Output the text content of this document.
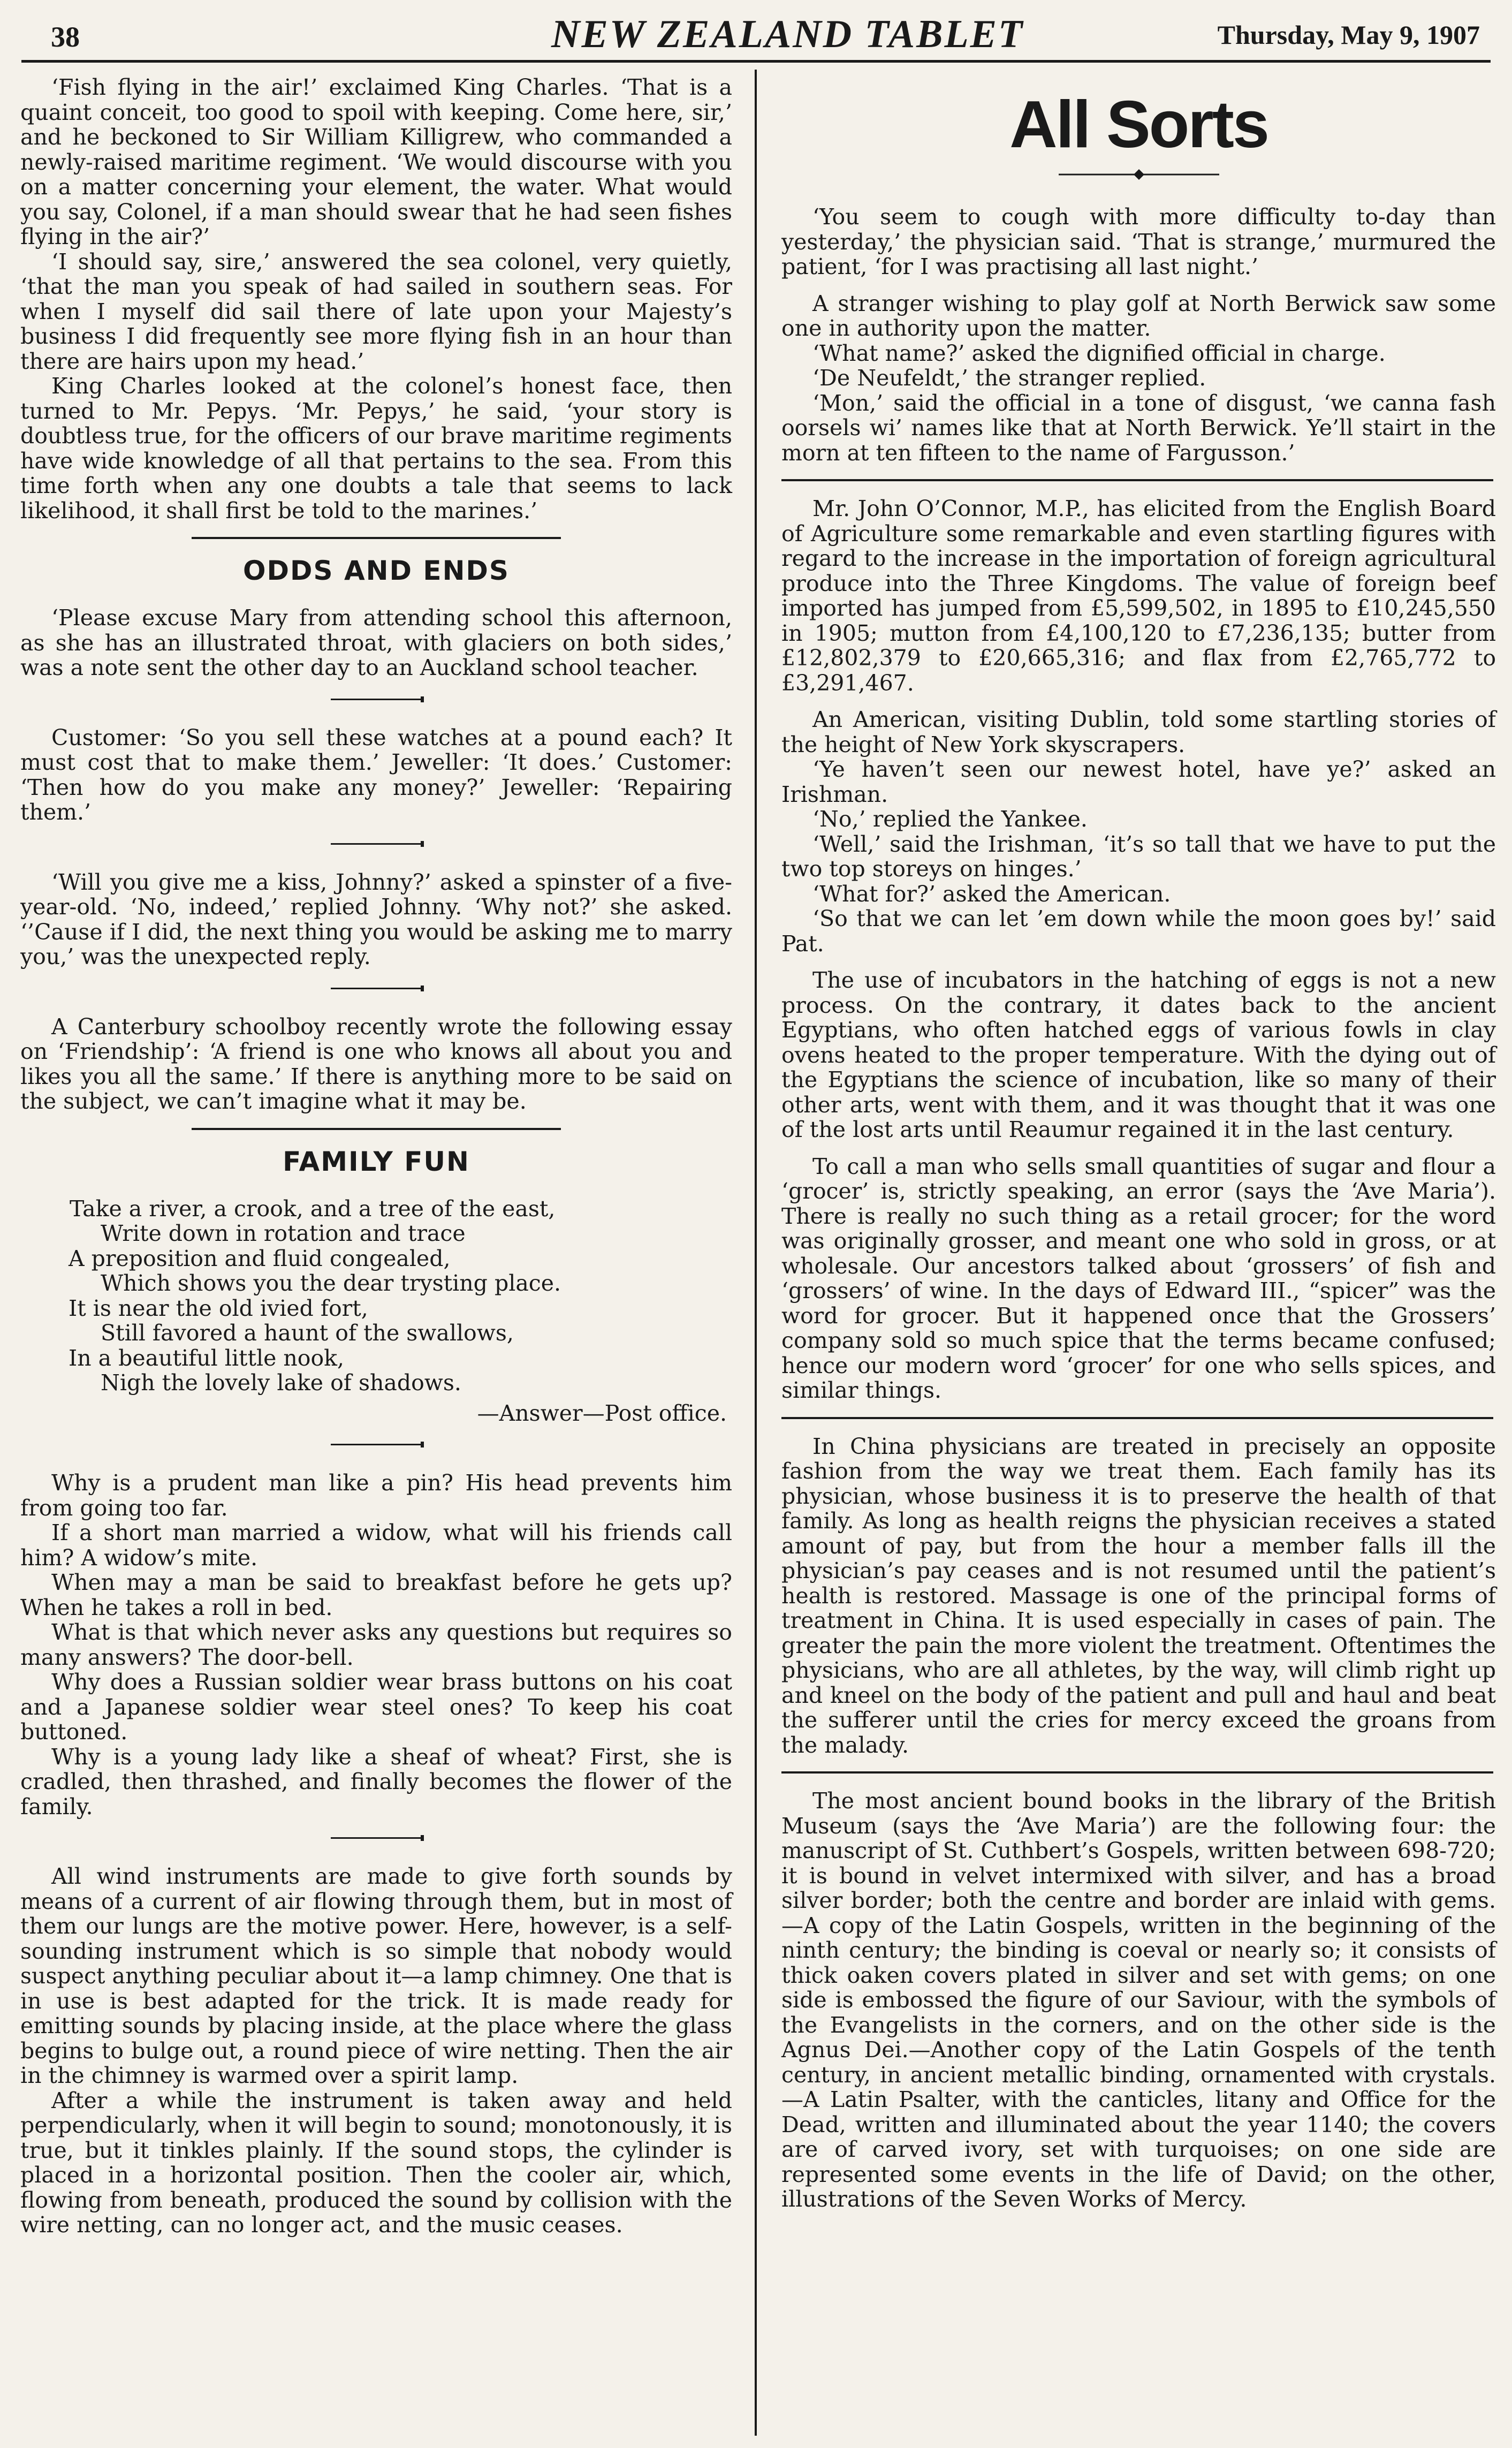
38	NEW ZEALAND TABLET	Thursday, May 9, 1907

‘Fish flying in the air!’ exclaimed King Charles. ‘That is a quaint conceit, too good to spoil with keeping. Come here, sir,’ and he beckoned to Sir William Killigrew, who commanded a newly-raised maritime regiment. ‘We would discourse with you on a matter concerning your element, the water. What would you say, Colonel, if a man should swear that he had seen fishes flying in the air?’

‘I should say, sire,’ answered the sea colonel, very quietly, ‘that the man you speak of had sailed in southern seas. For when I myself did sail there of late upon your Majesty’s business I did frequently see more flying fish in an hour than there are hairs upon my head.’

King Charles looked at the colonel’s honest face, then turned to Mr. Pepys. ‘Mr. Pepys,’ he said, ‘your story is doubtless true, for the officers of our brave maritime regiments have wide knowledge of all that pertains to the sea. From this time forth when any one doubts a tale that seems to lack likelihood, it shall first be told to the marines.’

ODDS AND ENDS

‘Please excuse Mary from attending school this afternoon, as she has an illustrated throat, with glaciers on both sides,’ was a note sent the other day to an Auckland school teacher.

Customer: ‘So you sell these watches at a pound each? It must cost that to make them.’ Jeweller: ‘It does.’ Customer: ‘Then how do you make any money?’ Jeweller: ‘Repairing them.’

‘Will you give me a kiss, Johnny?’ asked a spinster of a five-year-old. ‘No, indeed,’ replied Johnny. ‘Why not?’ she asked. ‘’Cause if I did, the next thing you would be asking me to marry you,’ was the unexpected reply.

A Canterbury schoolboy recently wrote the following essay on ‘Friendship’: ‘A friend is one who knows all about you and likes you all the same.’ If there is anything more to be said on the subject, we can’t imagine what it may be.

FAMILY FUN
Take a river, a crook, and a tree of the east,
Write down in rotation and trace
A preposition and fluid congealed,
Which shows you the dear trysting place.
It is near the old ivied fort,
Still favored a haunt of the swallows,
In a beautiful little nook,
Nigh the lovely lake of shadows.
—Answer—Post office.

Why is a prudent man like a pin? His head prevents him from going too far.

If a short man married a widow, what will his friends call him? A widow’s mite.

When may a man be said to breakfast before he gets up? When he takes a roll in bed.

What is that which never asks any questions but requires so many answers? The door-bell.

Why does a Russian soldier wear brass buttons on his coat and a Japanese soldier wear steel ones? To keep his coat buttoned.

Why is a young lady like a sheaf of wheat? First, she is cradled, then thrashed, and finally becomes the flower of the family.

All wind instruments are made to give forth sounds by means of a current of air flowing through them, but in most of them our lungs are the motive power. Here, however, is a self-sounding instrument which is so simple that nobody would suspect anything peculiar about it—a lamp chimney. One that is in use is best adapted for the trick. It is made ready for emitting sounds by placing inside, at the place where the glass begins to bulge out, a round piece of wire netting. Then the air in the chimney is warmed over a spirit lamp.

After a while the instrument is taken away and held perpendicularly, when it will begin to sound; monotonously, it is true, but it tinkles plainly. If the sound stops, the cylinder is placed in a horizontal position. Then the cooler air, which, flowing from beneath, produced the sound by collision with the wire netting, can no longer act, and the music ceases.

All Sorts

‘You seem to cough with more difficulty to-day than yesterday,’ the physician said. ‘That is strange,’ murmured the patient, ‘for I was practising all last night.’

A stranger wishing to play golf at North Berwick saw some one in authority upon the matter.

‘What name?’ asked the dignified official in charge.

‘De Neufeldt,’ the stranger replied.

‘Mon,’ said the official in a tone of disgust, ‘we canna fash oorsels wi’ names like that at North Berwick. Ye’ll stairt in the morn at ten fifteen to the name of Fargusson.’

Mr. John O’Connor, M.P., has elicited from the English Board of Agriculture some remarkable and even startling figures with regard to the increase in the importation of foreign agricultural produce into the Three Kingdoms. The value of foreign beef imported has jumped from £5,599,502, in 1895 to £10,245,550 in 1905; mutton from £4,100,120 to £7,236,135; butter from £12,802,379 to £20,665,316; and flax from £2,765,772 to £3,291,467.

An American, visiting Dublin, told some startling stories of the height of New York skyscrapers.

‘Ye haven’t seen our newest hotel, have ye?’ asked an Irishman.

‘No,’ replied the Yankee.

‘Well,’ said the Irishman, ‘it’s so tall that we have to put the two top storeys on hinges.’

‘What for?’ asked the American.

‘So that we can let ’em down while the moon goes by!’ said Pat.

The use of incubators in the hatching of eggs is not a new process. On the contrary, it dates back to the ancient Egyptians, who often hatched eggs of various fowls in clay ovens heated to the proper temperature. With the dying out of the Egyptians the science of incubation, like so many of their other arts, went with them, and it was thought that it was one of the lost arts until Reaumur regained it in the last century.

To call a man who sells small quantities of sugar and flour a ‘grocer’ is, strictly speaking, an error (says the ‘Ave Maria’). There is really no such thing as a retail grocer; for the word was originally grosser, and meant one who sold in gross, or at wholesale. Our ancestors talked about ‘grossers’ of fish and ‘grossers’ of wine. In the days of Edward III., “spicer” was the word for grocer. But it happened once that the Grossers’ company sold so much spice that the terms became confused; hence our modern word ‘grocer’ for one who sells spices, and similar things.

In China physicians are treated in precisely an opposite fashion from the way we treat them. Each family has its physician, whose business it is to preserve the health of that family. As long as health reigns the physician receives a stated amount of pay, but from the hour a member falls ill the physician’s pay ceases and is not resumed until the patient’s health is restored. Massage is one of the principal forms of treatment in China. It is used especially in cases of pain. The greater the pain the more violent the treatment. Oftentimes the physicians, who are all athletes, by the way, will climb right up and kneel on the body of the patient and pull and haul and beat the sufferer until the cries for mercy exceed the groans from the malady.

The most ancient bound books in the library of the British Museum (says the ‘Ave Maria’) are the following four: the manuscript of St. Cuthbert’s Gospels, written between 698-720; it is bound in velvet intermixed with silver, and has a broad silver border; both the centre and border are inlaid with gems.—A copy of the Latin Gospels, written in the beginning of the ninth century; the binding is coeval or nearly so; it consists of thick oaken covers plated in silver and set with gems; on one side is embossed the figure of our Saviour, with the symbols of the Evangelists in the corners, and on the other side is the Agnus Dei.—Another copy of the Latin Gospels of the tenth century, in ancient metallic binding, ornamented with crystals.—A Latin Psalter, with the canticles, litany and Office for the Dead, written and illuminated about the year 1140; the covers are of carved ivory, set with turquoises; on one side are represented some events in the life of David; on the other, illustrations of the Seven Works of Mercy.
